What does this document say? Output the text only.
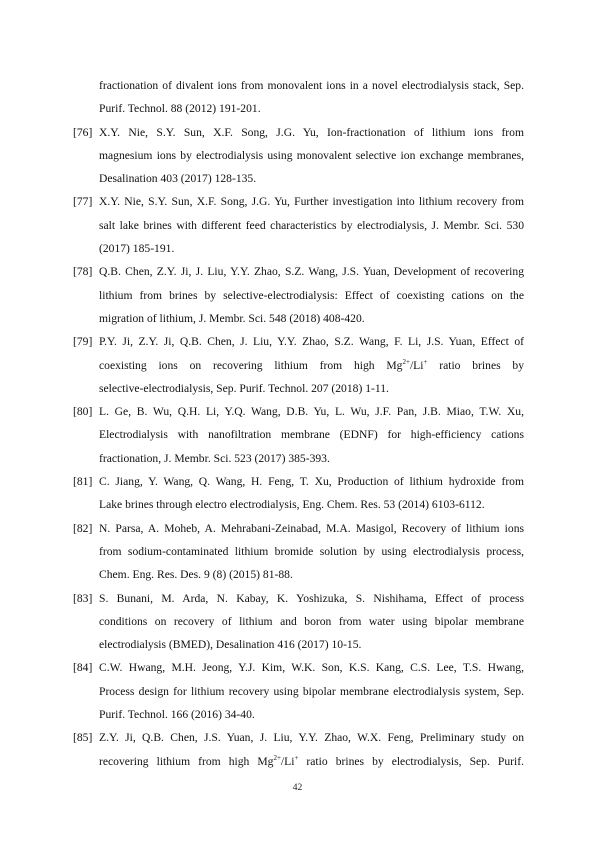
fractionation of divalent ions from monovalent ions in a novel electrodialysis stack, Sep.
Purif. Technol. 88 (2012) 191-201.
[76] X.Y. Nie, S.Y. Sun, X.F. Song, J.G. Yu, Ion-fractionation of lithium ions from
magnesium ions by electrodialysis using monovalent selective ion exchange membranes,
Desalination 403 (2017) 128-135.
[77] X.Y. Nie, S.Y. Sun, X.F. Song, J.G. Yu, Further investigation into lithium recovery from
salt lake brines with different feed characteristics by electrodialysis, J. Membr. Sci. 530
(2017) 185-191.
[78] Q.B. Chen, Z.Y. Ji, J. Liu, Y.Y. Zhao, S.Z. Wang, J.S. Yuan, Development of recovering
lithium from brines by selective-electrodialysis: Effect of coexisting cations on the
migration of lithium, J. Membr. Sci. 548 (2018) 408-420.
[79] P.Y. Ji, Z.Y. Ji, Q.B. Chen, J. Liu, Y.Y. Zhao, S.Z. Wang, F. Li, J.S. Yuan, Effect of
coexisting ions on recovering lithium from high $Mg^{2+}/Li^+$ ratio brines by
selective-electrodialysis, Sep. Purif. Technol. 207 (2018) 1-11.
[80] L. Ge, B. Wu, Q.H. Li, Y.Q. Wang, D.B. Yu, L. Wu, J.F. Pan, J.B. Miao, T.W. Xu,
Electrodialysis with nanofiltration membrane (EDNF) for high-efficiency cations
fractionation, J. Membr. Sci. 523 (2017) 385-393.
[81] C. Jiang, Y. Wang, Q. Wang, H. Feng, T. Xu, Production of lithium hydroxide from
Lake brines through electro electrodialysis, Eng. Chem. Res. 53 (2014) 6103-6112.
[82] N. Parsa, A. Moheb, A. Mehrabani-Zeinabad, M.A. Masigol, Recovery of lithium ions
from sodium-contaminated lithium bromide solution by using electrodialysis process,
Chem. Eng. Res. Des. 9 (8) (2015) 81-88.
[83] S. Bunani, M. Arda, N. Kabay, K. Yoshizuka, S. Nishihama, Effect of process
conditions on recovery of lithium and boron from water using bipolar membrane
electrodialysis (BMED), Desalination 416 (2017) 10-15.
[84] C.W. Hwang, M.H. Jeong, Y.J. Kim, W.K. Son, K.S. Kang, C.S. Lee, T.S. Hwang,
Process design for lithium recovery using bipolar membrane electrodialysis system, Sep.
Purif. Technol. 166 (2016) 34-40.
[85] Z.Y. Ji, Q.B. Chen, J.S. Yuan, J. Liu, Y.Y. Zhao, W.X. Feng, Preliminary study on
recovering lithium from high $Mg^{2+}/Li^+$ ratio brines by electrodialysis, Sep. Purif.
42
